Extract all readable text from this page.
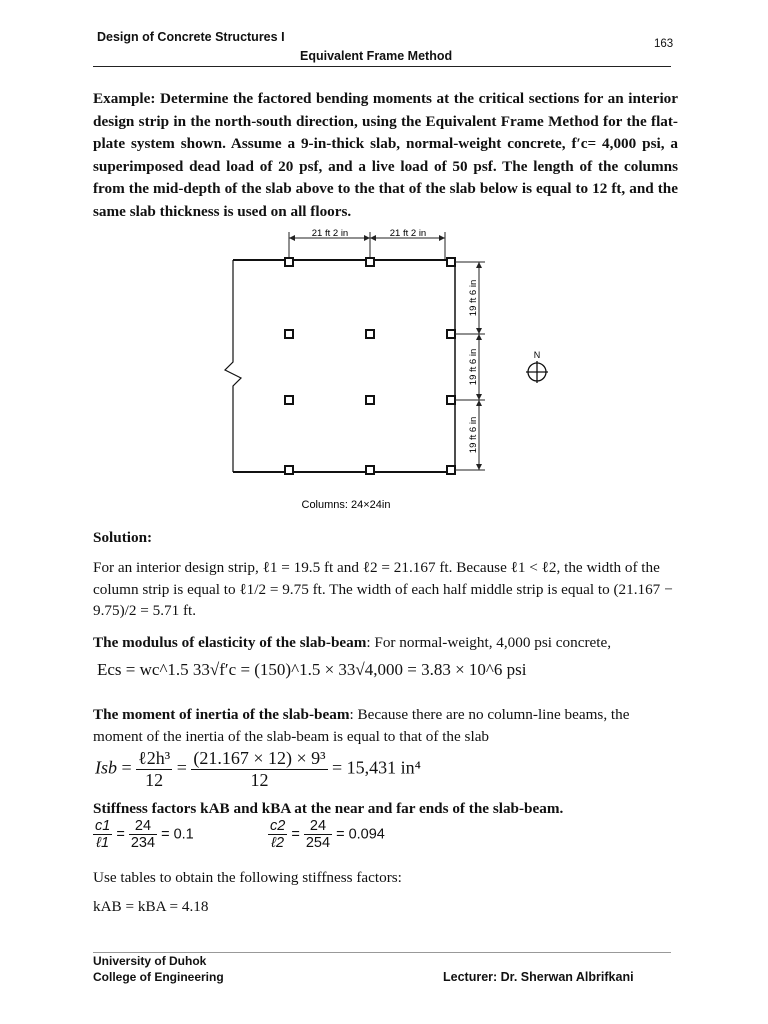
Design of Concrete Structures I
Equivalent Frame Method
163
Example: Determine the factored bending moments at the critical sections for an interior design strip in the north-south direction, using the Equivalent Frame Method for the flat-plate system shown. Assume a 9-in-thick slab, normal-weight concrete, f′c= 4,000 psi, a superimposed dead load of 20 psf, and a live load of 50 psf. The length of the columns from the mid-depth of the slab above to the that of the slab below is equal to 12 ft, and the same slab thickness is used on all floors.
21 ft 2 in	21 ft 2 in
19 ft 6 in
19 ft 6 in
19 ft 6 in
N
Columns: 24×24in
Solution:
For an interior design strip, ℓ1 = 19.5 ft and ℓ2 = 21.167 ft. Because ℓ1 < ℓ2, the width of the column strip is equal to ℓ1/2 = 9.75 ft. The width of each half middle strip is equal to (21.167 − 9.75)/2 = 5.71 ft.
The modulus of elasticity of the slab-beam: For normal-weight, 4,000 psi concrete,
Ecs = wc^1.5 33√f′c = (150)^1.5 × 33√4,000 = 3.83 × 10^6 psi
The moment of inertia of the slab-beam: Because there are no column-line beams, the moment of the inertia of the slab-beam is equal to that of the slab
Isb = $\frac{\text{ℓ2h³}}{12} = \frac{\text{(21.167 × 12) × 9³}}{12} = 15,431$ in⁴
Stiffness factors kAB and kBA at the near and far ends of the slab-beam.
$\frac{c1}{\text{ℓ1}} = \frac{24}{234} = 0.1$	$\frac{c2}{\text{ℓ2}} = \frac{24}{254} = 0.094$
Use tables to obtain the following stiffness factors:
kAB = kBA = 4.18
University of Duhok
College of Engineering	Lecturer: Dr. Sherwan Albrifkani
